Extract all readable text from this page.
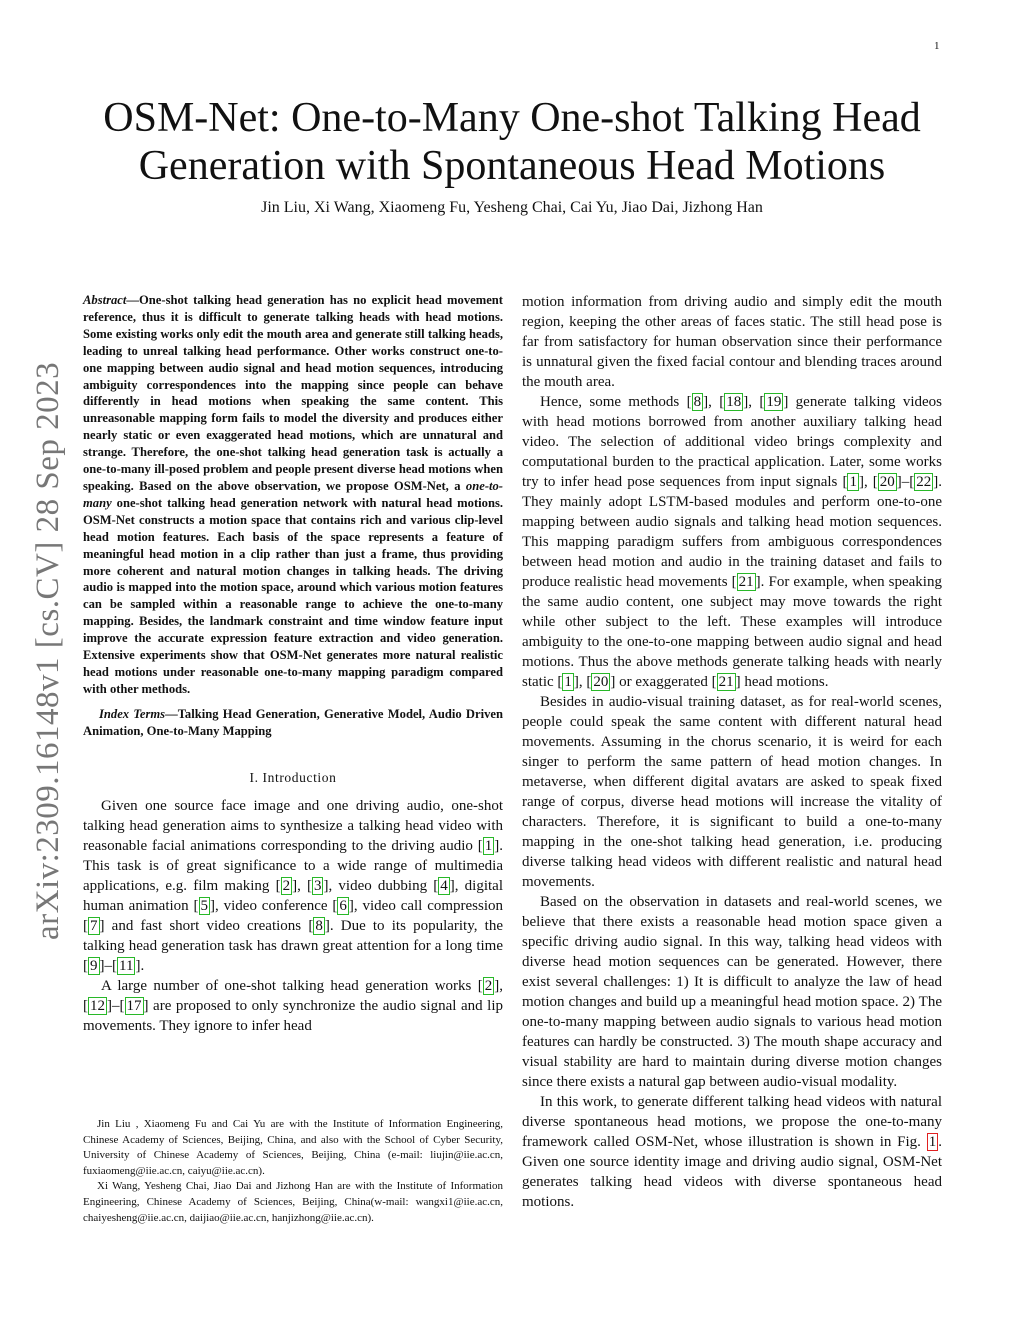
1
arXiv:2309.16148v1 [cs.CV] 28 Sep 2023
OSM-Net: One-to-Many One-shot Talking Head
Generation with Spontaneous Head Motions
Jin Liu, Xi Wang, Xiaomeng Fu, Yesheng Chai, Cai Yu, Jiao Dai, Jizhong Han

Abstract—One-shot talking head generation has no explicit head movement reference, thus it is difficult to generate talking heads with head motions. Some existing works only edit the mouth area and generate still talking heads, leading to unreal talking head performance. Other works construct one-to-one mapping between audio signal and head motion sequences, introducing ambiguity correspondences into the mapping since people can behave differently in head motions when speaking the same content. This unreasonable mapping form fails to model the diversity and produces either nearly static or even exaggerated head motions, which are unnatural and strange. Therefore, the one-shot talking head generation task is actually a one-to-many ill-posed problem and people present diverse head motions when speaking. Based on the above observation, we propose OSM-Net, a one-to-many one-shot talking head generation network with natural head motions. OSM-Net constructs a motion space that contains rich and various clip-level head motion features. Each basis of the space represents a feature of meaningful head motion in a clip rather than just a frame, thus providing more coherent and natural motion changes in talking heads. The driving audio is mapped into the motion space, around which various motion features can be sampled within a reasonable range to achieve the one-to-many mapping. Besides, the landmark constraint and time window feature input improve the accurate expression feature extraction and video generation. Extensive experiments show that OSM-Net generates more natural realistic head motions under reasonable one-to-many mapping paradigm compared with other methods.

Index Terms—Talking Head Generation, Generative Model, Audio Driven Animation, One-to-Many Mapping

I. Introduction

Given one source face image and one driving audio, one-shot talking head generation aims to synthesize a talking head video with reasonable facial animations corresponding to the driving audio [ 1 ]. This task is of great significance to a wide range of multimedia applications, e.g. film making [ 2 ], [ 3 ], video dubbing [ 4 ], digital human animation [ 5 ], video conference [ 6 ], video call compression [ 7 ] and fast short video creations [ 8 ]. Due to its popularity, the talking head generation task has drawn great attention for a long time [ 9 ]–[ 11 ].

A large number of one-shot talking head generation works [ 2 ], [ 12 ]–[ 17 ] are proposed to only synchronize the audio signal and lip movements. They ignore to infer head

Jin Liu , Xiaomeng Fu and Cai Yu are with the Institute of Information Engineering, Chinese Academy of Sciences, Beijing, China, and also with the School of Cyber Security, University of Chinese Academy of Sciences, Beijing, China (e-mail: liujin@iie.ac.cn, fuxiaomeng@iie.ac.cn, caiyu@iie.ac.cn).

Xi Wang, Yesheng Chai, Jiao Dai and Jizhong Han are with the Institute of Information Engineering, Chinese Academy of Sciences, Beijing, China(w-mail: wangxi1@iie.ac.cn, chaiyesheng@iie.ac.cn, daijiao@iie.ac.cn, hanjizhong@iie.ac.cn).

motion information from driving audio and simply edit the mouth region, keeping the other areas of faces static. The still head pose is far from satisfactory for human observation since their performance is unnatural given the fixed facial contour and blending traces around the mouth area.

Hence, some methods [ 8 ], [ 18 ], [ 19 ] generate talking videos with head motions borrowed from another auxiliary talking head video. The selection of additional video brings complexity and computational burden to the practical application. Later, some works try to infer head pose sequences from input signals [ 1 ], [ 20 ]–[ 22 ]. They mainly adopt LSTM-based modules and perform one-to-one mapping between audio signals and talking head motion sequences. This mapping paradigm suffers from ambiguous correspondences between head motion and audio in the training dataset and fails to produce realistic head movements [ 21 ]. For example, when speaking the same audio content, one subject may move towards the right while other subject to the left. These examples will introduce ambiguity to the one-to-one mapping between audio signal and head motions. Thus the above methods generate talking heads with nearly static [ 1 ], [ 20 ] or exaggerated [ 21 ] head motions.

Besides in audio-visual training dataset, as for real-world scenes, people could speak the same content with different natural head movements. Assuming in the chorus scenario, it is weird for each singer to perform the same pattern of head motion changes. In metaverse, when different digital avatars are asked to speak fixed range of corpus, diverse head motions will increase the vitality of characters. Therefore, it is significant to build a one-to-many mapping in the one-shot talking head generation, i.e. producing diverse talking head videos with different realistic and natural head movements.

Based on the observation in datasets and real-world scenes, we believe that there exists a reasonable head motion space given a specific driving audio signal. In this way, talking head videos with diverse head motion sequences can be generated. However, there exist several challenges: 1) It is difficult to analyze the law of head motion changes and build up a meaningful head motion space. 2) The one-to-many mapping between audio signals to various head motion features can hardly be constructed. 3) The mouth shape accuracy and visual stability are hard to maintain during diverse motion changes since there exists a natural gap between audio-visual modality.

In this work, to generate different talking head videos with natural diverse spontaneous head motions, we propose the one-to-many framework called OSM-Net, whose illustration is shown in Fig. 1 . Given one source identity image and driving audio signal, OSM-Net generates talking head videos with diverse spontaneous head motions.
